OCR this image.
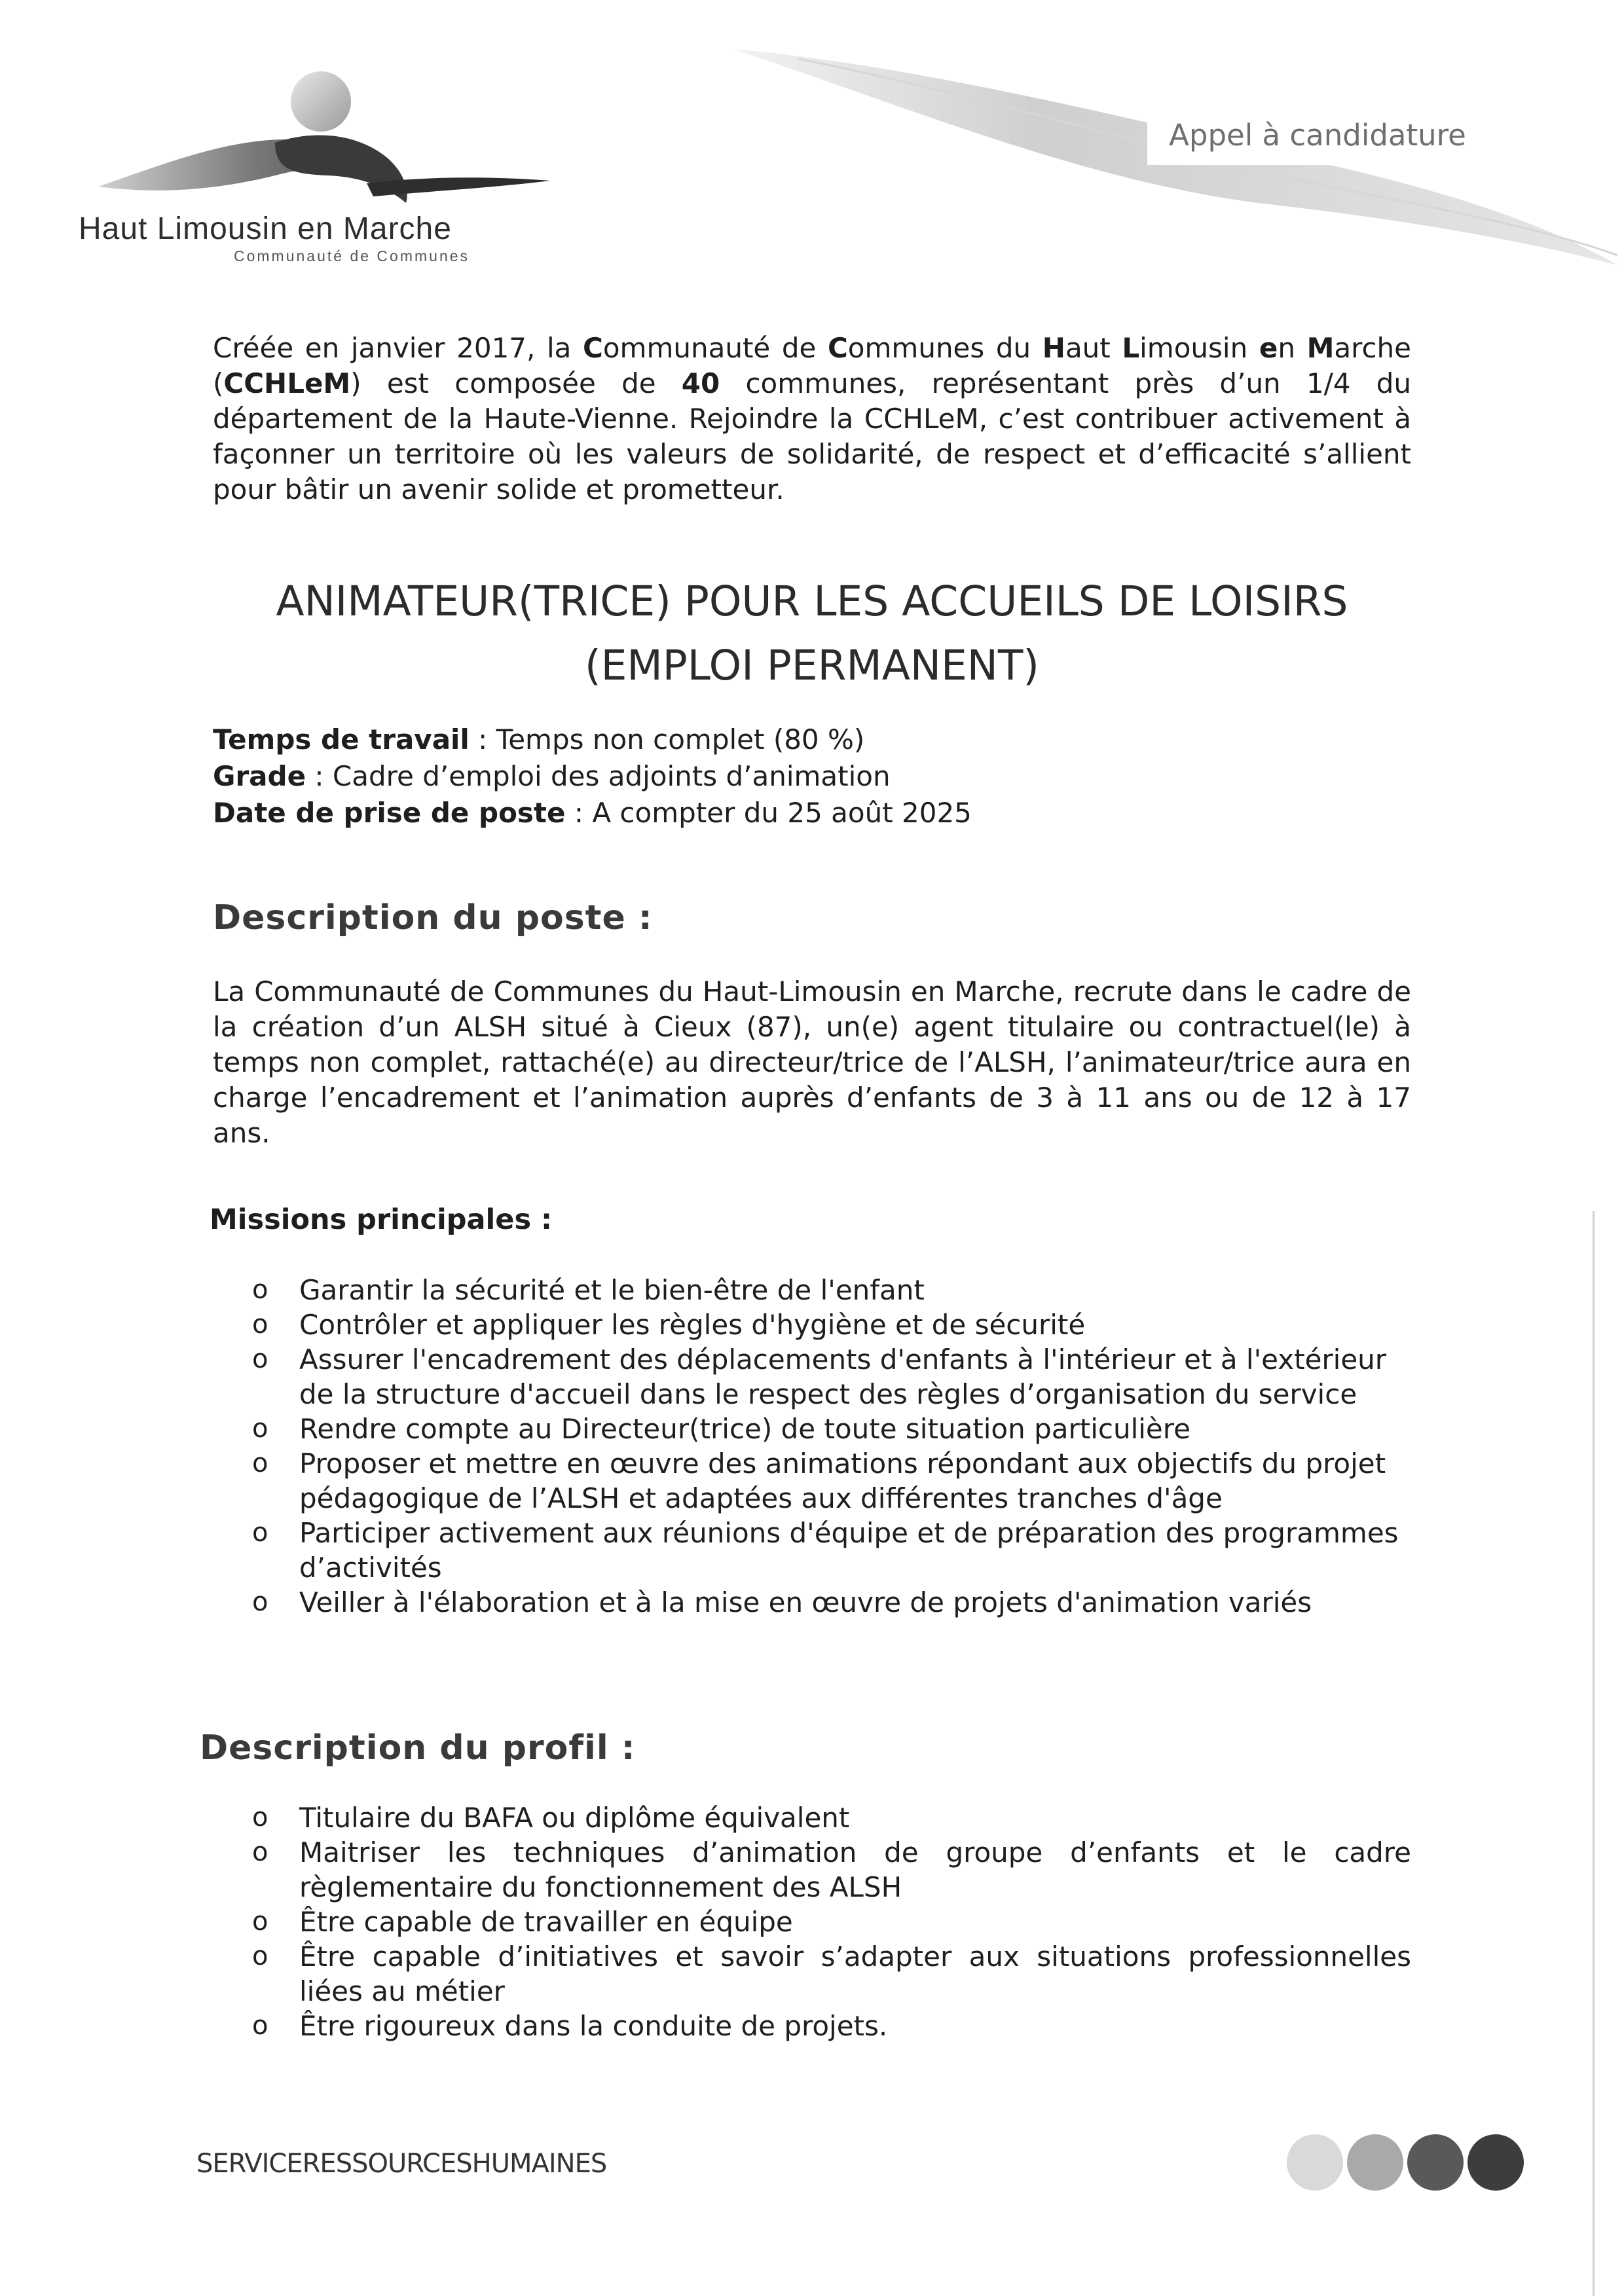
Haut Limousin en Marche
Communauté de Communes
Appel à candidature

Créée en janvier 2017, la Communauté de Communes du Haut Limousin en Marche (CCHLeM) est composée de 40 communes, représentant près d’un 1/4 du département de la Haute-Vienne. Rejoindre la CCHLeM, c’est contribuer activement à façonner un territoire où les valeurs de solidarité, de respect et d’efficacité s’allient pour bâtir un avenir solide et prometteur.

ANIMATEUR(TRICE) POUR LES ACCUEILS DE LOISIRS
(EMPLOI PERMANENT)
Temps de travail : Temps non complet (80 %)
Grade : Cadre d’emploi des adjoints d’animation
Date de prise de poste : A compter du 25 août 2025
Description du poste :

La Communauté de Communes du Haut-Limousin en Marche, recrute dans le cadre de la création d’un ALSH situé à Cieux (87), un(e) agent titulaire ou contractuel(le) à temps non complet, rattaché(e) au directeur/trice de l’ALSH, l’animateur/trice aura en charge l’encadrement et l’animation auprès d’enfants de 3 à 11 ans ou de 12 à 17 ans.

Missions principales :
o	Garantir la sécurité et le bien-être de l'enfant
o	Contrôler et appliquer les règles d'hygiène et de sécurité
o	Assurer l'encadrement des déplacements d'enfants à l'intérieur et à l'extérieur de la structure d'accueil dans le respect des règles d’organisation du service
o	Rendre compte au Directeur(trice) de toute situation particulière
o	Proposer et mettre en œuvre des animations répondant aux objectifs du projet pédagogique de l’ALSH et adaptées aux différentes tranches d'âge
o	Participer activement aux réunions d'équipe et de préparation des programmes d’activités
o	Veiller à l'élaboration et à la mise en œuvre de projets d'animation variés
Description du profil :
o	Titulaire du BAFA ou diplôme équivalent
o	Maitriser les techniques d’animation de groupe d’enfants et le cadre règlementaire du fonctionnement des ALSH
o	Être capable de travailler en équipe
o	Être capable d’initiatives et savoir s’adapter aux situations professionnelles liées au métier
o	Être rigoureux dans la conduite de projets.
SERVICERESSOURCESHUMAINES
